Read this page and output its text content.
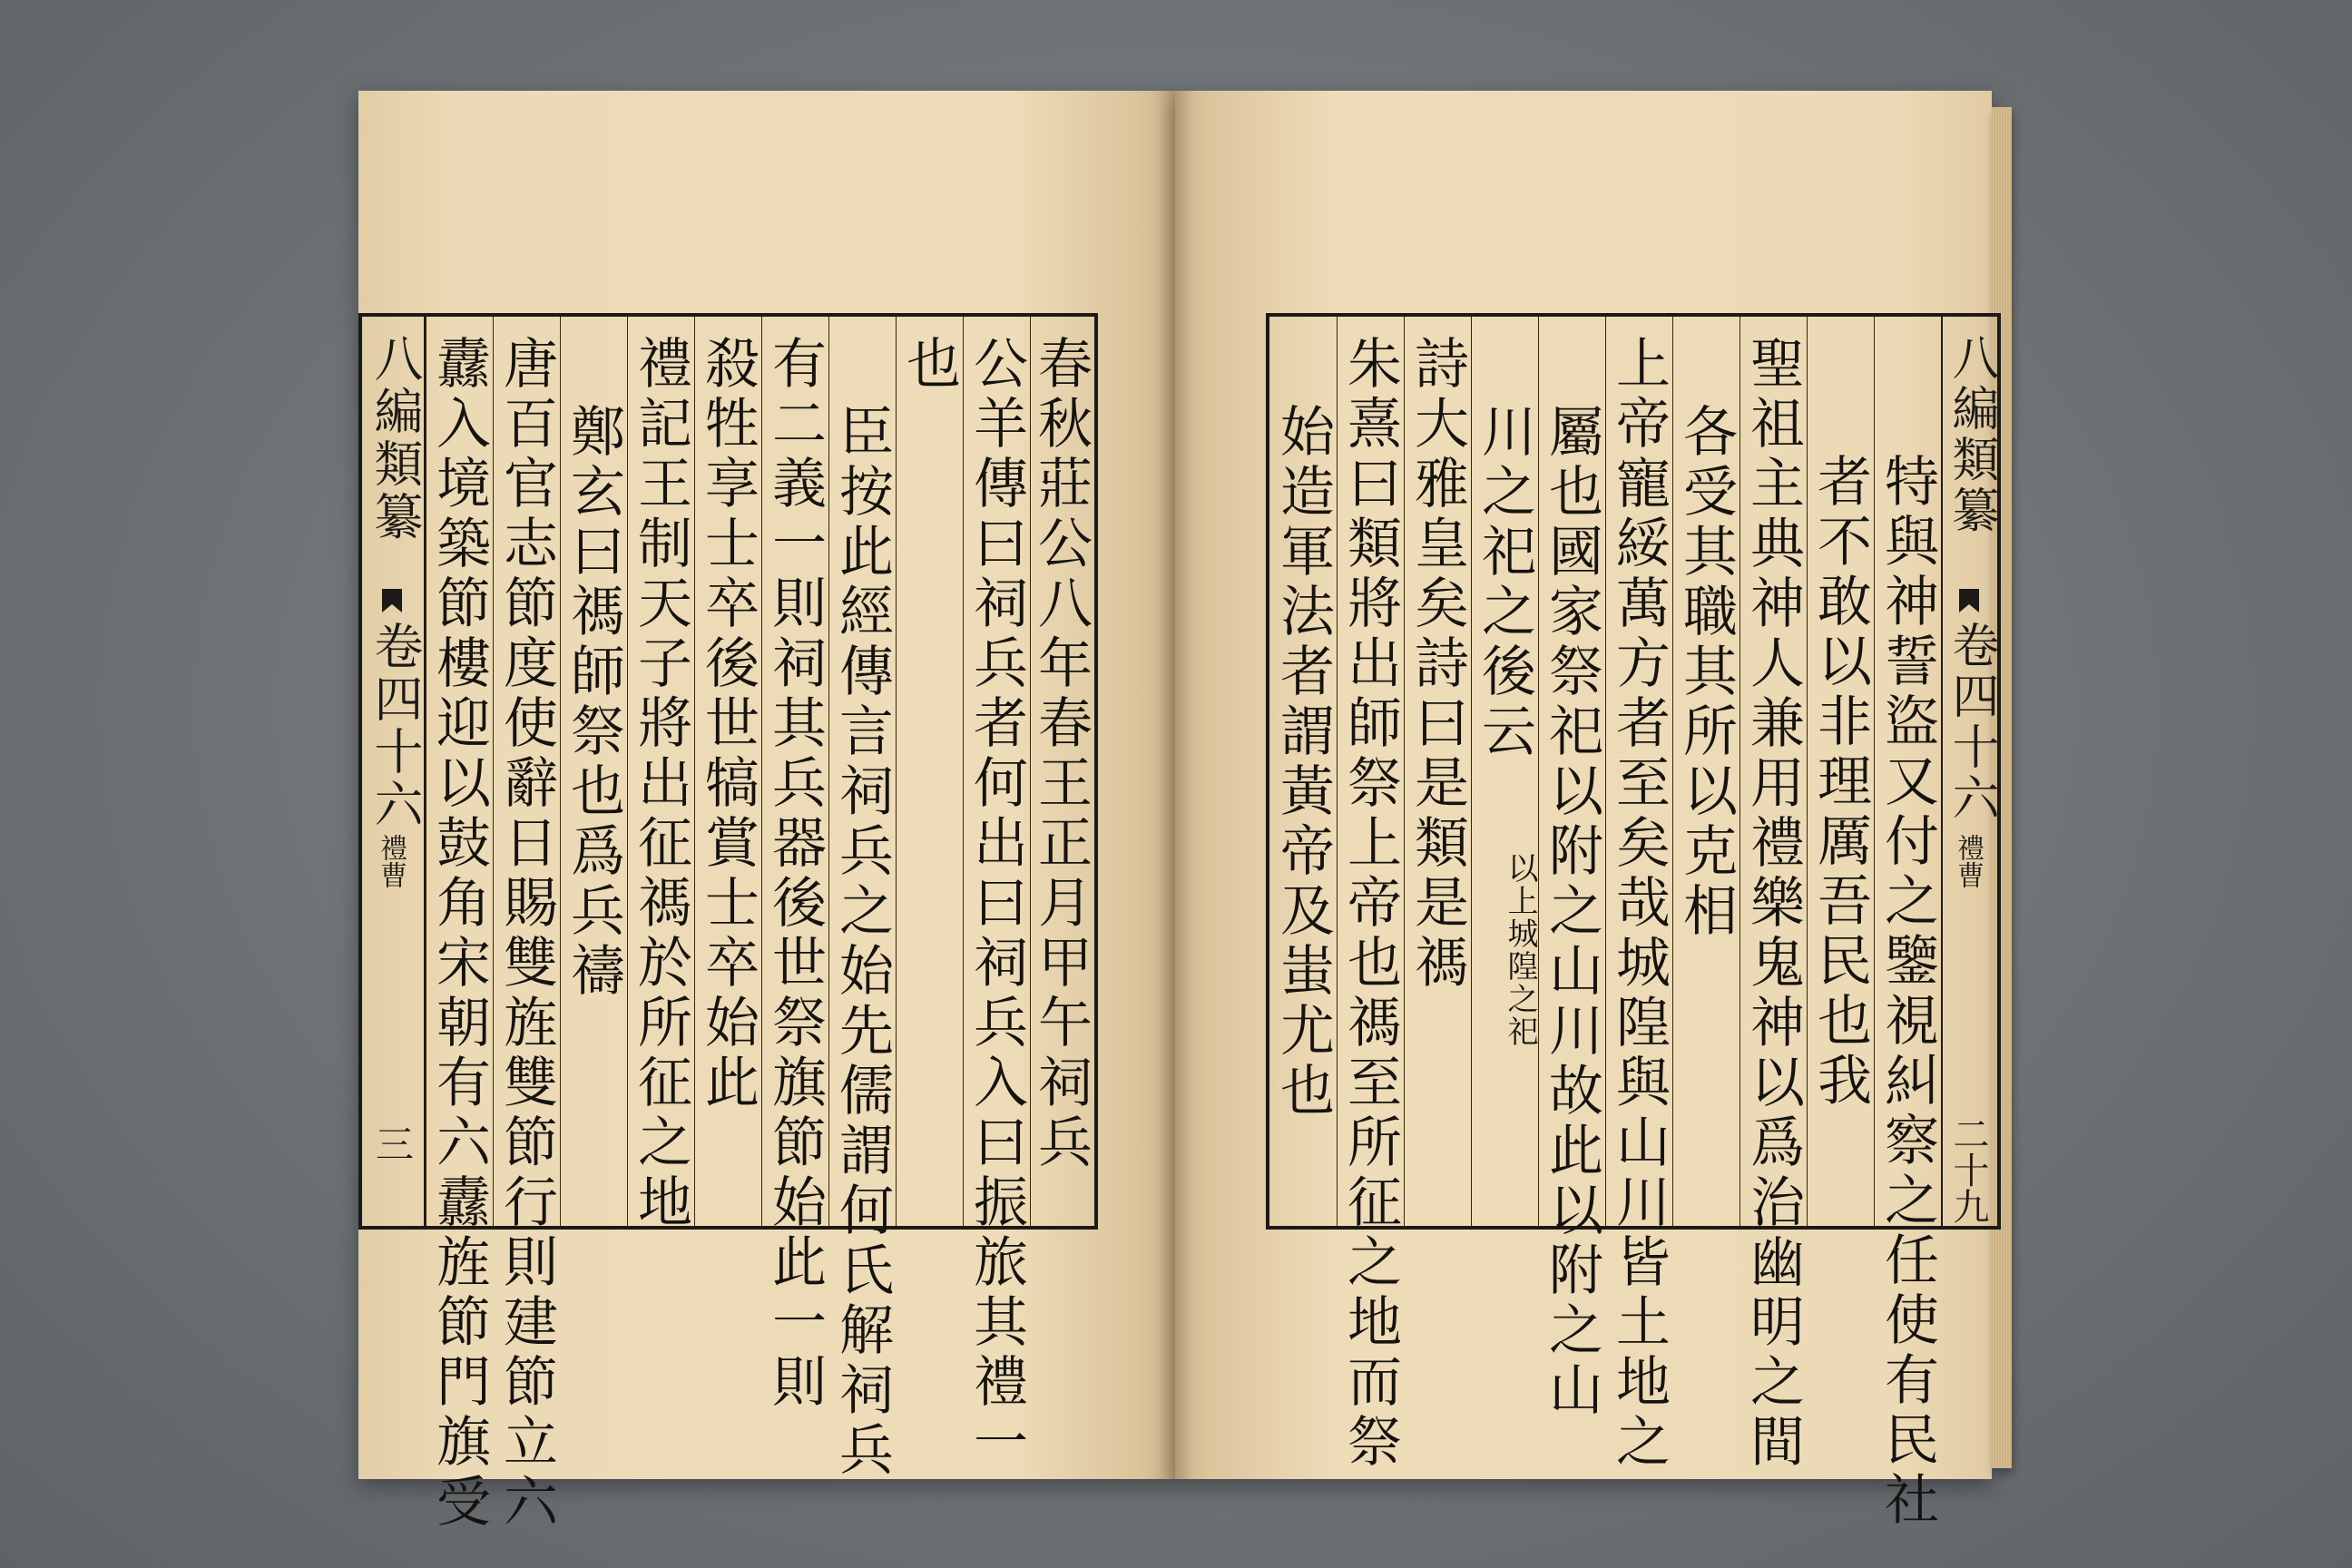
八編類纂
卷四十六
禮曹
三 纛入境築節樓迎以鼓角宋朝有六纛旌節門旗受 唐百官志節度使辭日賜雙旌雙節行則建節立六 鄭玄曰禡師祭也爲兵禱 禮記王制天子將出征禡於所征之地 殺牲享士卒後世犒賞士卒始此 有二義一則祠其兵器後世祭旗節始此一則 臣按此經傳言祠兵之始先儒謂何氏解祠兵
也 公羊傳曰祠兵者何出曰祠兵入曰振旅其禮一 春秋莊公八年春王正月甲午祠兵	始造軍法者謂黃帝及蚩尤也 朱熹曰類將出師祭上帝也禡至所征之地而祭 詩大雅皇矣詩曰是類是禡 川之祀之後云
以上城隍之祀 屬也國家祭祀以附之山川故此以附之山 上帝寵綏萬方者至矣哉城隍與山川皆土地之 各受其職其所以克相 聖祖主典神人兼用禮樂鬼神以爲治幽明之間 者不敢以非理厲吾民也我 特與神誓盜又付之鑒視糾察之任使有民社
八編類纂
卷四十六
禮曹
二十九
